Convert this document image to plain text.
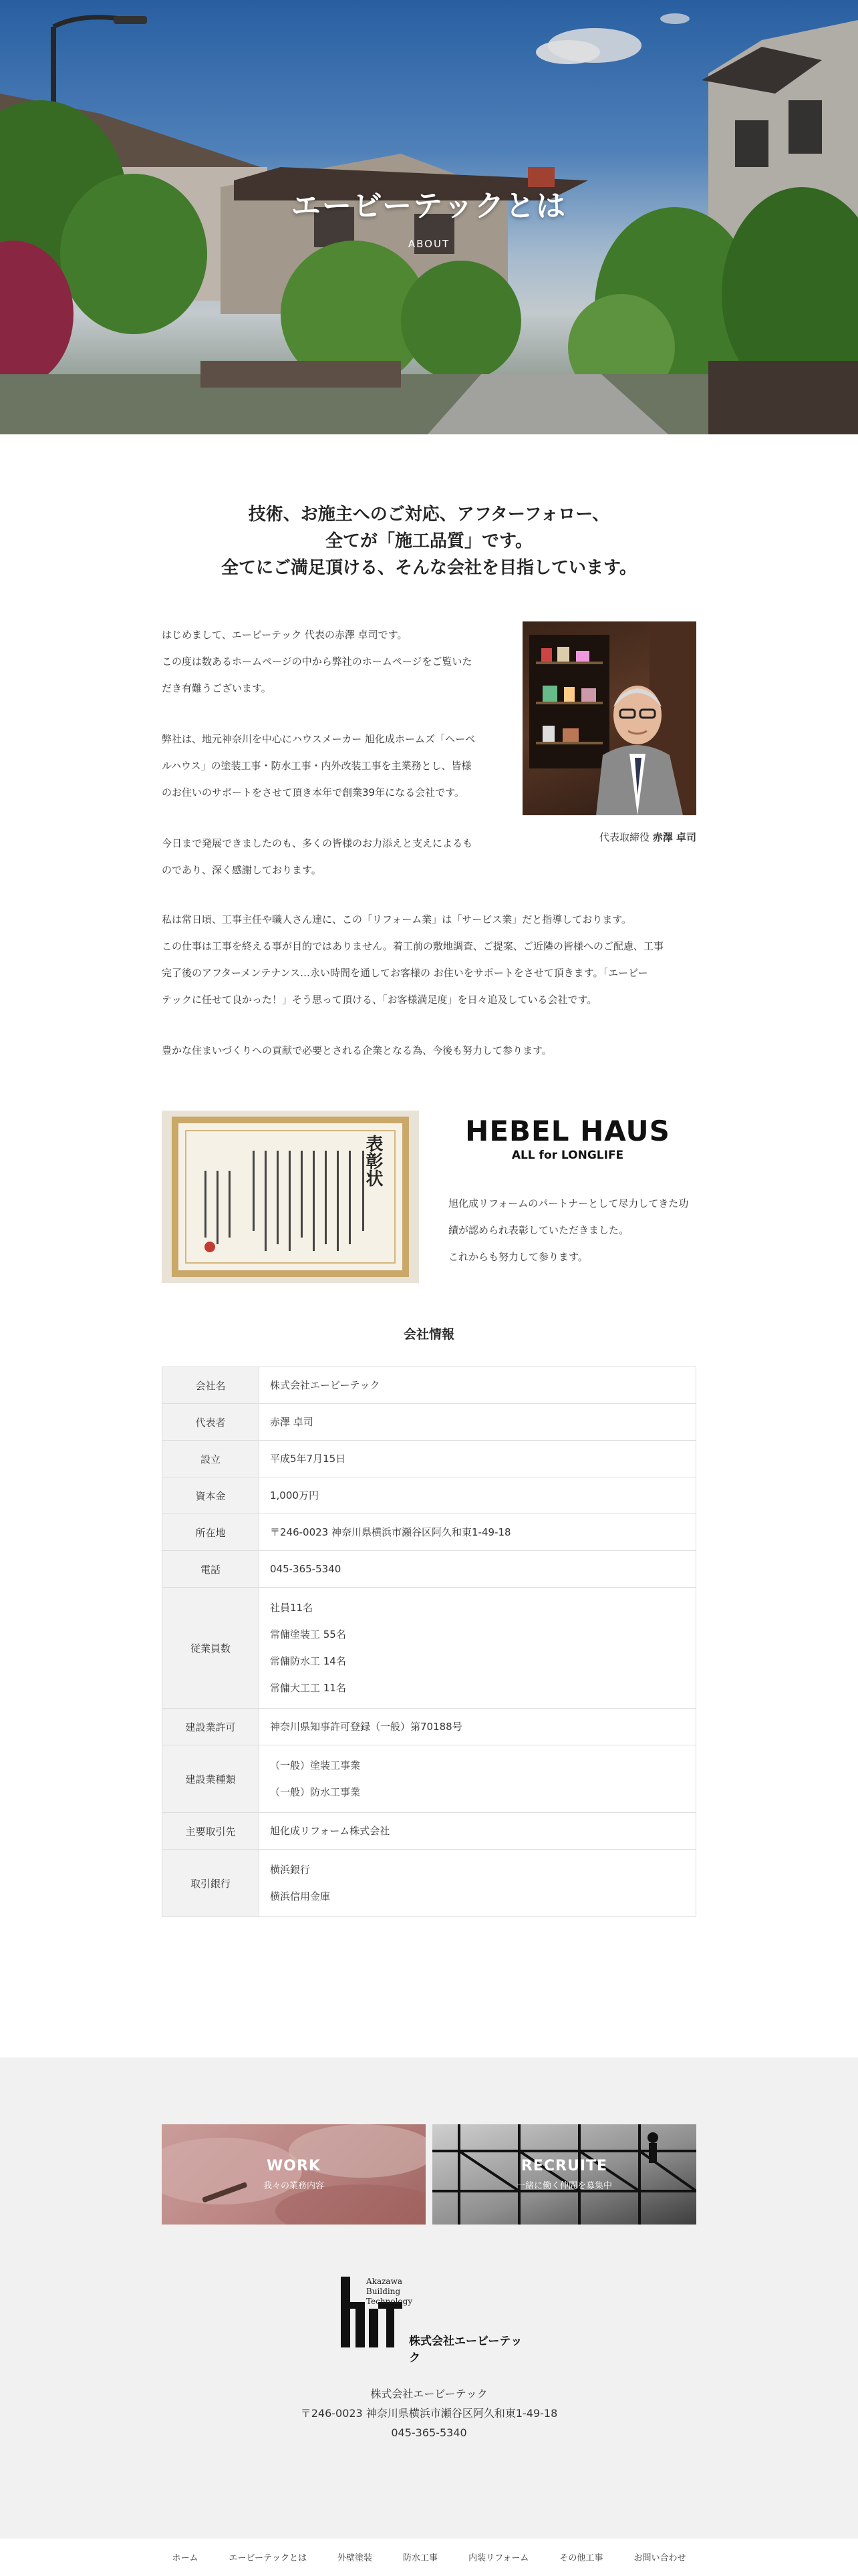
エービーテックとは
ABOUT
技術、お施主へのご対応、アフターフォロー、
全てが「施工品質」です。
全てにご満足頂ける、そんな会社を目指しています。

はじめまして、エービーテック 代表の赤澤 卓司です。
この度は数あるホームページの中から弊社のホームページをご覧いた
だき有難うございます。

弊社は、地元神奈川を中心にハウスメーカー 旭化成ホームズ「ヘーベ
ルハウス」の塗装工事・防水工事・内外改装工事を主業務とし、皆様
のお住いのサポートをさせて頂き本年で創業39年になる会社です。

今日まで発展できましたのも、多くの皆様のお力添えと支えによるも
のであり、深く感謝しております。

代表取締役 赤澤 卓司

私は常日頃、工事主任や職人さん達に、この「リフォーム業」は「サービス業」だと指導しております。
この仕事は工事を終える事が目的ではありません。着工前の敷地調査、ご提案、ご近隣の皆様へのご配慮、工事
完了後のアフターメンテナンス…永い時間を通してお客様の お住いをサポートをさせて頂きます。「エービー
テックに任せて良かった！」そう思って頂ける、「お客様満足度」を日々追及している会社です。

豊かな住まいづくりへの貢献で必要とされる企業となる為、今後も努力して参ります。

表彰状
HEBEL HAUS
ALL for LONGLIFE

旭化成リフォームのパートナーとして尽力してきた功
績が認められ表彰していただきました。
これからも努力して参ります。

会社情報
会社名	株式会社エービーテック

代表者	赤澤 卓司

設立	平成5年7月15日

資本金	1,000万円

所在地	〒246-0023 神奈川県横浜市瀬谷区阿久和東1-49-18

電話	045-365-5340

従業員数	社員11名
常傭塗装工 55名
常傭防水工 14名
常傭大工工 11名

建設業許可	神奈川県知事許可登録（一般）第70188号

建設業種類	（一般）塗装工事業
（一般）防水工事業

主要取引先	旭化成リフォーム株式会社

取引銀行	横浜銀行
横浜信用金庫
WORK
我々の業務内容
RECRUITE
一緒に働く仲間を募集中
Akazawa
Building
Technology
株式会社エービーテック
株式会社エービーテック
〒246-0023 神奈川県横浜市瀬谷区阿久和東1-49-18
045-365-5340
ホーム	エービーテックとは	外壁塗装	防水工事	内装リフォーム	その他工事	お問い合わせ
